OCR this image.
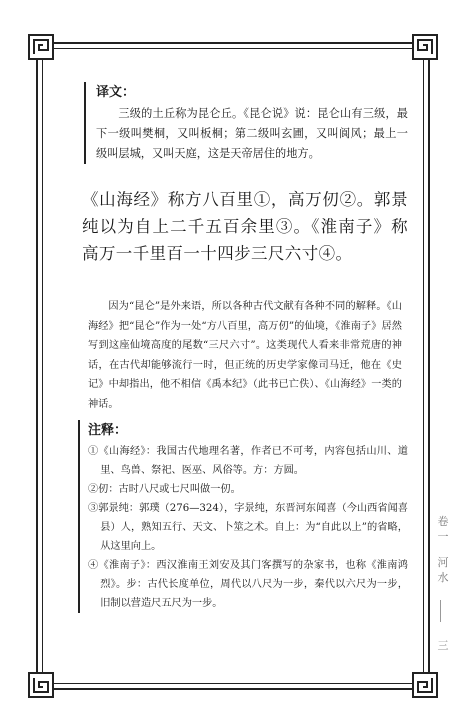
译文：
三级的土丘称为昆仑丘。《昆仑说》说：昆仑山有三级，最下一级叫樊桐，又叫板桐；第二级叫玄圃，又叫阆风；最上一级叫层城，又叫天庭，这是天帝居住的地方。
《山海经》称方八百里①，高万仞②。郭景纯以为自上二千五百余里③。《淮南子》称高万一千里百一十四步三尺六寸④。
因为“昆仑”是外来语，所以各种古代文献有各种不同的解释。《山海经》把“昆仑”作为一处“方八百里，高万仞”的仙境，《淮南子》居然写到这座仙境高度的尾数“三尺六寸”。这类现代人看来非常荒唐的神话，在古代却能够流行一时，但正统的历史学家像司马迁，他在《史记》中却指出，他不相信《禹本纪》（此书已亡佚）、《山海经》一类的神话。
注释：
①《山海经》：我国古代地理名著，作者已不可考，内容包括山川、道里、鸟兽、祭祀、医巫、风俗等。方：方圆。
②仞：古时八尺或七尺叫做一仞。
③郭景纯：郭璞（276—324），字景纯，东晋河东闻喜（今山西省闻喜县）人，熟知五行、天文、卜筮之术。自上：为“自此以上”的省略，从这里向上。
④《淮南子》：西汉淮南王刘安及其门客撰写的杂家书，也称《淮南鸿烈》。步：古代长度单位，周代以八尺为一步，秦代以六尺为一步，旧制以营造尺五尺为一步。
卷一
河水
三
